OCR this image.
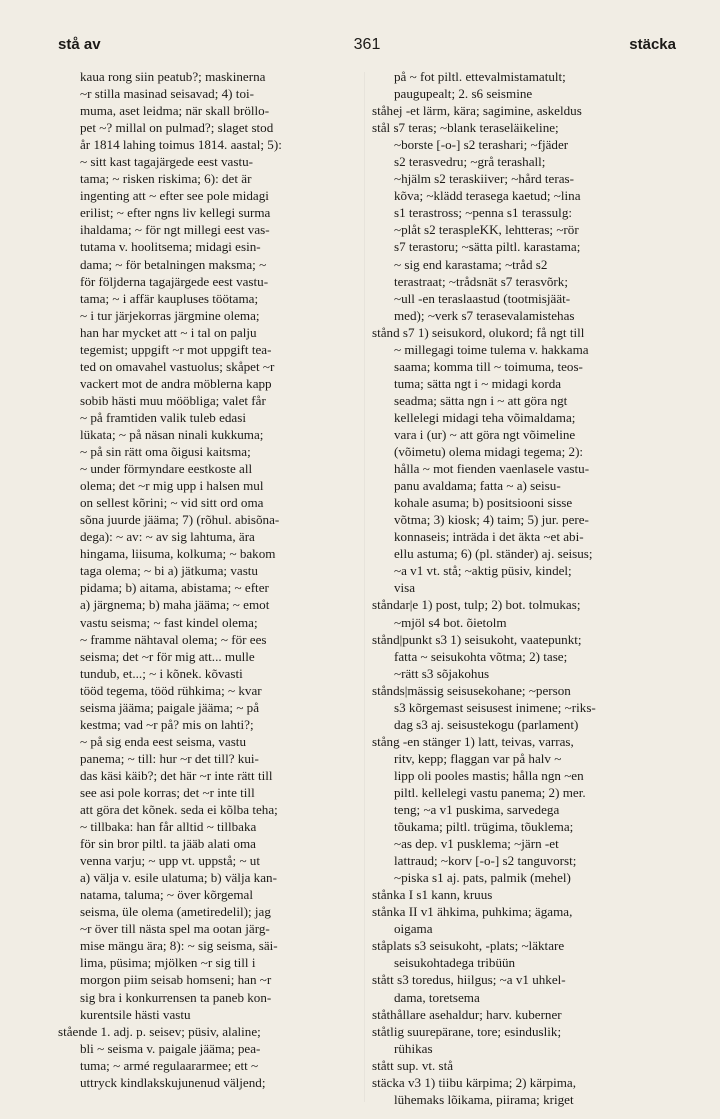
stå av	361	stäcka
kaua rong siin peatub?; maskinerna
~r stilla masinad seisavad; 4) toi-
muma, aset leidma; när skall bröllo-
pet ~? millal on pulmad?; slaget stod
år 1814 lahing toimus 1814. aastal; 5):
~ sitt kast tagajärgede eest vastu-
tama; ~ risken riskima; 6): det är
ingenting att ~ efter see pole midagi
erilist; ~ efter ngns liv kellegi surma
ihaldama; ~ för ngt millegi eest vas-
tutama v. hoolitsema; midagi esin-
dama; ~ för betalningen maksma; ~
för följderna tagajärgede eest vastu-
tama; ~ i affär kaupluses töötama;
~ i tur järjekorras järgmine olema;
han har mycket att ~ i tal on palju
tegemist; uppgift ~r mot uppgift tea-
ted on omavahel vastuolus; skåpet ~r
vackert mot de andra möblerna kapp
sobib hästi muu mööbliga; valet får
~ på framtiden valik tuleb edasi
lükata; ~ på näsan ninali kukkuma;
~ på sin rätt oma õigusi kaitsma;
~ under förmyndare eestkoste all
olema; det ~r mig upp i halsen mul
on sellest kõrini; ~ vid sitt ord oma
sõna juurde jääma; 7) (rõhul. abisõna-
dega): ~ av: ~ av sig lahtuma, ära
hingama, liisuma, kolkuma; ~ bakom
taga olema; ~ bi a) jätkuma; vastu
pidama; b) aitama, abistama; ~ efter
a) järgnema; b) maha jääma; ~ emot
vastu seisma; ~ fast kindel olema;
~ framme nähtaval olema; ~ för ees
seisma; det ~r för mig att... mulle
tundub, et...; ~ i kõnek. kõvasti
tööd tegema, tööd rühkima; ~ kvar
seisma jääma; paigale jääma; ~ på
kestma; vad ~r på? mis on lahti?;
~ på sig enda eest seisma, vastu
panema; ~ till: hur ~r det till? kui-
das käsi käib?; det här ~r inte rätt till
see asi pole korras; det ~r inte till
att göra det kõnek. seda ei kõlba teha;
~ tillbaka: han får alltid ~ tillbaka
för sin bror piltl. ta jääb alati oma
venna varju; ~ upp vt. uppstå; ~ ut
a) välja v. esile ulatuma; b) välja kan-
natama, taluma; ~ över kõrgemal
seisma, üle olema (ametiredelil); jag
~r över till nästa spel ma ootan järg-
mise mängu ära; 8): ~ sig seisma, säi-
lima, püsima; mjölken ~r sig till i
morgon piim seisab homseni; han ~r
sig bra i konkurrensen ta paneb kon-
kurentsile hästi vastu
stående 1. adj. p. seisev; püsiv, alaline;
bli ~ seisma v. paigale jääma; pea-
tuma; ~ armé regulaararmee; ett ~
uttryck kindlakskujunenud väljend;
på ~ fot piltl. ettevalmistamatult;
paugupealt; 2. s6 seismine
ståhej -et lärm, kära; sagimine, askeldus
stål s7 teras; ~blank teraseläikeline;
~borste [-o-] s2 terashari; ~fjäder
s2 terasvedru; ~grå terashall;
~hjälm s2 teraskiiver; ~hård teras-
kõva; ~klädd terasega kaetud; ~lina
s1 terastross; ~penna s1 terassulg:
~plåt s2 teraspleKK, lehtteras; ~rör
s7 terastoru; ~sätta piltl. karastama;
~ sig end karastama; ~tråd s2
terastraat; ~trådsnät s7 terasvõrk;
~ull -en teraslaastud (tootmisjäät-
med); ~verk s7 terasevalamistehas
stånd s7 1) seisukord, olukord; få ngt till
~ millegagi toime tulema v. hakkama
saama; komma till ~ toimuma, teos-
tuma; sätta ngt i ~ midagi korda
seadma; sätta ngn i ~ att göra ngt
kellelegi midagi teha võimaldama;
vara i (ur) ~ att göra ngt võimeline
(võimetu) olema midagi tegema; 2):
hålla ~ mot fienden vaenlasele vastu-
panu avaldama; fatta ~ a) seisu-
kohale asuma; b) positsiooni sisse
võtma; 3) kiosk; 4) taim; 5) jur. pere-
konnaseis; inträda i det äkta ~et abi-
ellu astuma; 6) (pl. ständer) aj. seisus;
~a v1 vt. stå; ~aktig püsiv, kindel;
visa
ståndar|e 1) post, tulp; 2) bot. tolmukas;
~mjöl s4 bot. õietolm
stånd|punkt s3 1) seisukoht, vaatepunkt;
fatta ~ seisukohta võtma; 2) tase;
~rätt s3 sõjakohus
stånds|mässig seisusekohane; ~person
s3 kõrgemast seisusest inimene; ~riks-
dag s3 aj. seisustekogu (parlament)
stång -en stänger 1) latt, teivas, varras,
ritv, kepp; flaggan var på halv ~
lipp oli pooles mastis; hålla ngn ~en
piltl. kellelegi vastu panema; 2) mer.
teng; ~a v1 puskima, sarvedega
tõukama; piltl. trügima, tõuklema;
~as dep. v1 pusklema; ~järn -et
lattraud; ~korv [-o-] s2 tanguvorst;
~piska s1 aj. pats, palmik (mehel)
stånka I s1 kann, kruus
stånka II v1 ähkima, puhkima; ägama,
oigama
ståplats s3 seisukoht, -plats; ~läktare
seisukohtadega tribüün
stått s3 toredus, hiilgus; ~a v1 uhkel-
dama, toretsema
ståthållare asehaldur; harv. kuberner
ståtlig suurepärane, tore; esinduslik;
rühikas
stått sup. vt. stå
stäcka v3 1) tiibu kärpima; 2) kärpima,
lühemaks lõikama, piirama; kriget
